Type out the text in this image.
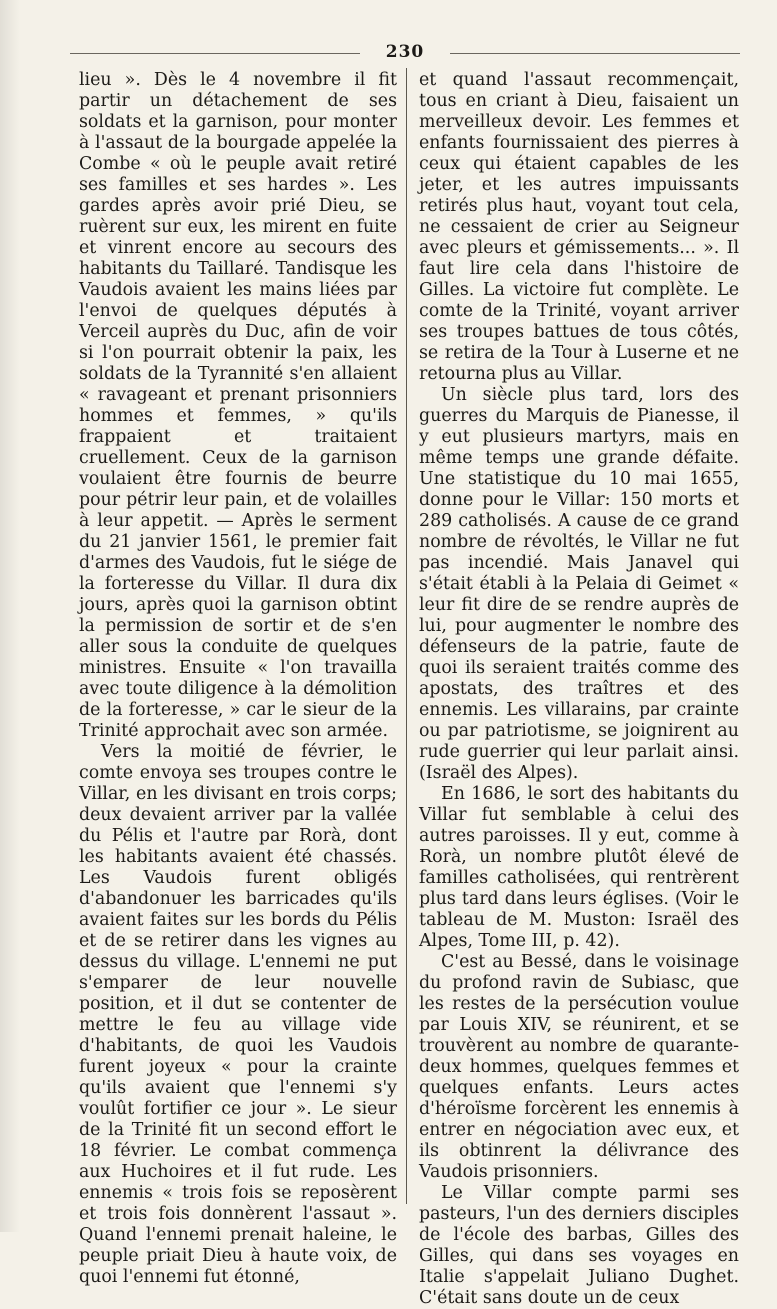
230

lieu ». Dès le 4 novembre il fit partir un détachement de ses soldats et la garnison, pour monter à l'assaut de la bourgade appelée la Combe « où le peuple avait retiré ses familles et ses hardes ». Les gardes après avoir prié Dieu, se ruèrent sur eux, les mirent en fuite et vinrent encore au secours des habitants du Taillaré. Tandisque les Vaudois avaient les mains liées par l'envoi de quelques députés à Verceil auprès du Duc, afin de voir si l'on pourrait obtenir la paix, les soldats de la Tyrannité s'en allaient « ravageant et prenant prisonniers hommes et femmes, » qu'ils frappaient et traitaient cruellement. Ceux de la garnison voulaient être fournis de beurre pour pétrir leur pain, et de volailles à leur appetit. — Après le serment du 21 janvier 1561, le premier fait d'armes des Vaudois, fut le siége de la forteresse du Villar. Il dura dix jours, après quoi la garnison obtint la permission de sortir et de s'en aller sous la conduite de quelques ministres. Ensuite « l'on travailla avec toute diligence à la démolition de la forteresse, » car le sieur de la Trinité approchait avec son armée.

Vers la moitié de février, le comte envoya ses troupes contre le Villar, en les divisant en trois corps; deux devaient arriver par la vallée du Pélis et l'autre par Rorà, dont les habitants avaient été chassés. Les Vaudois furent obligés d'abandonuer les barricades qu'ils avaient faites sur les bords du Pélis et de se retirer dans les vignes au dessus du village. L'ennemi ne put s'emparer de leur nouvelle position, et il dut se contenter de mettre le feu au village vide d'habitants, de quoi les Vaudois furent joyeux « pour la crainte qu'ils avaient que l'ennemi s'y voulût fortifier ce jour ». Le sieur de la Trinité fit un second effort le 18 février. Le combat commença aux Huchoires et il fut rude. Les ennemis « trois fois se reposèrent et trois fois donnèrent l'assaut ». Quand l'ennemi prenait haleine, le peuple priait Dieu à haute voix, de quoi l'ennemi fut étonné,

et quand l'assaut recommençait, tous en criant à Dieu, faisaient un merveilleux devoir. Les femmes et enfants fournissaient des pierres à ceux qui étaient capables de les jeter, et les autres impuissants retirés plus haut, voyant tout cela, ne cessaient de crier au Seigneur avec pleurs et gémissements... ». Il faut lire cela dans l'histoire de Gilles. La victoire fut complète. Le comte de la Trinité, voyant arriver ses troupes battues de tous côtés, se retira de la Tour à Luserne et ne retourna plus au Villar.

Un siècle plus tard, lors des guerres du Marquis de Pianesse, il y eut plusieurs martyrs, mais en même temps une grande défaite. Une statistique du 10 mai 1655, donne pour le Villar: 150 morts et 289 catholisés. A cause de ce grand nombre de révoltés, le Villar ne fut pas incendié. Mais Janavel qui s'était établi à la Pelaia di Geimet « leur fit dire de se rendre auprès de lui, pour augmenter le nombre des défenseurs de la patrie, faute de quoi ils seraient traités comme des apostats, des traîtres et des ennemis. Les villarains, par crainte ou par patriotisme, se joignirent au rude guerrier qui leur parlait ainsi. (Israël des Alpes).

En 1686, le sort des habitants du Villar fut semblable à celui des autres paroisses. Il y eut, comme à Rorà, un nombre plutôt élevé de familles catholisées, qui rentrèrent plus tard dans leurs églises. (Voir le tableau de M. Muston: Israël des Alpes, Tome III, p. 42).

C'est au Bessé, dans le voisinage du profond ravin de Subiasc, que les restes de la persécution voulue par Louis XIV, se réunirent, et se trouvèrent au nombre de quarante-deux hommes, quelques femmes et quelques enfants. Leurs actes d'héroïsme forcèrent les ennemis à entrer en négociation avec eux, et ils obtinrent la délivrance des Vaudois prisonniers.

Le Villar compte parmi ses pasteurs, l'un des derniers disciples de l'école des barbas, Gilles des Gilles, qui dans ses voyages en Italie s'appelait Juliano Dughet. C'était sans doute un de ceux
